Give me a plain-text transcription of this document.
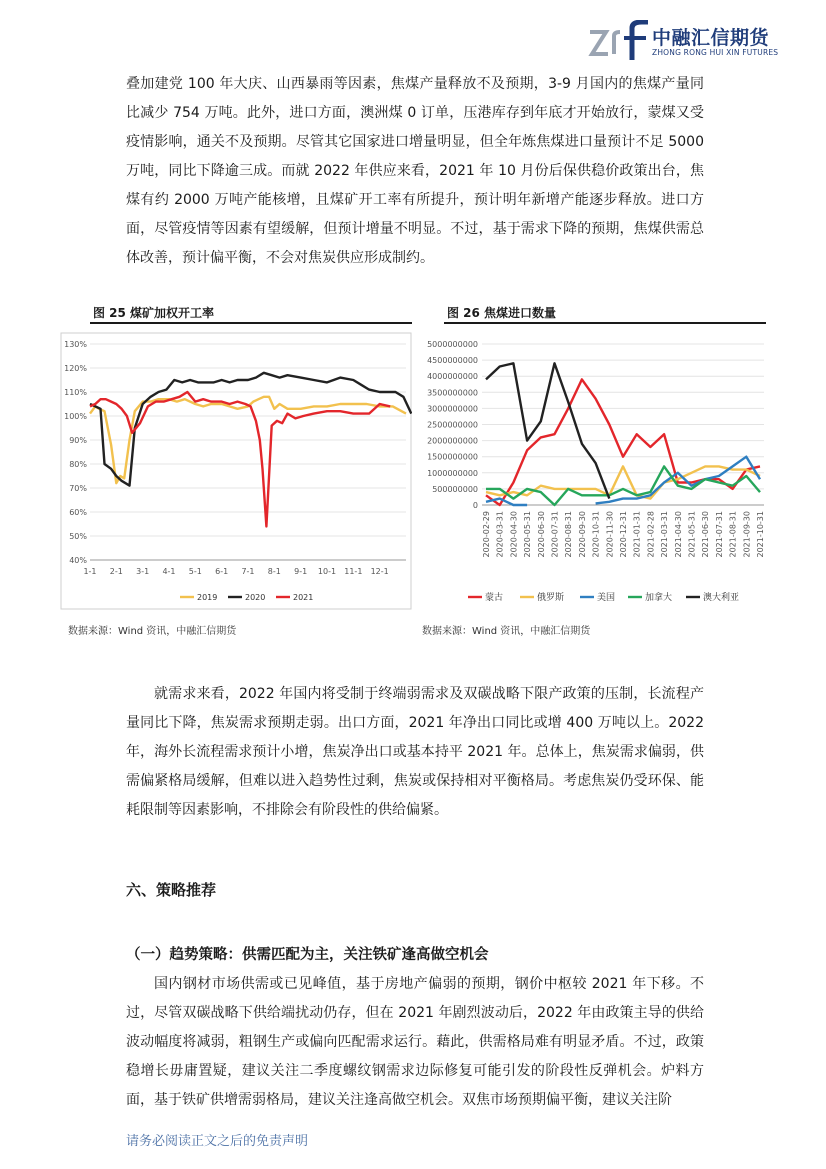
中融汇信期货
ZHONG RONG HUI XIN FUTURES

叠加建党 100 年大庆、山西暴雨等因素，焦煤产量释放不及预期，3-9 月国内的焦煤产量同比减少 754 万吨。此外，进口方面，澳洲煤 0 订单，压港库存到年底才开始放行，蒙煤又受疫情影响，通关不及预期。尽管其它国家进口增量明显，但全年炼焦煤进口量预计不足 5000 万吨，同比下降逾三成。而就 2022 年供应来看，2021 年 10 月份后保供稳价政策出台，焦煤有约 2000 万吨产能核增，且煤矿开工率有所提升，预计明年新增产能逐步释放。进口方面，尽管疫情等因素有望缓解，但预计增量不明显。不过，基于需求下降的预期，焦煤供需总体改善，预计偏平衡，不会对焦炭供应形成制约。

图 25 煤矿加权开工率	图 26 焦煤进口数量
40%
50%
60%
70%
80%
90%
100%
110%
120%
130%
1-1 2-1 3-1 4-1 5-1 6-1 7-1 8-1 9-1 10-1 11-1 12-1
2019	2020	2021
0
500000000
1000000000
1500000000
2000000000
2500000000
3000000000
3500000000
4000000000
4500000000
5000000000
2020-02-29 2020-03-31 2020-04-30 2020-05-31 2020-06-30 2020-07-31 2020-08-31 2020-09-30 2020-10-31 2020-11-30 2020-12-31 2021-01-31 2021-02-28 2021-03-31 2021-04-30 2021-05-31 2021-06-30 2021-07-31 2021-08-31 2021-09-30 2021-10-31
蒙古	俄罗斯	美国	加拿大	澳大利亚
数据来源：Wind 资讯，中融汇信期货	数据来源：Wind 资讯，中融汇信期货

就需求来看，2022 年国内将受制于终端弱需求及双碳战略下限产政策的压制，长流程产量同比下降，焦炭需求预期走弱。出口方面，2021 年净出口同比或增 400 万吨以上。2022 年，海外长流程需求预计小增，焦炭净出口或基本持平 2021 年。总体上，焦炭需求偏弱，供需偏紧格局缓解，但难以进入趋势性过剩，焦炭或保持相对平衡格局。考虑焦炭仍受环保、能耗限制等因素影响，不排除会有阶段性的供给偏紧。

六、策略推荐
（一）趋势策略：供需匹配为主，关注铁矿逢高做空机会

国内钢材市场供需或已见峰值，基于房地产偏弱的预期，钢价中枢较 2021 年下移。不过，尽管双碳战略下供给端扰动仍存，但在 2021 年剧烈波动后，2022 年由政策主导的供给波动幅度将减弱，粗钢生产或偏向匹配需求运行。藉此，供需格局难有明显矛盾。不过，政策稳增长毋庸置疑，建议关注二季度螺纹钢需求边际修复可能引发的阶段性反弹机会。炉料方面，基于铁矿供增需弱格局，建议关注逢高做空机会。双焦市场预期偏平衡，建议关注阶

请务必阅读正文之后的免责声明
